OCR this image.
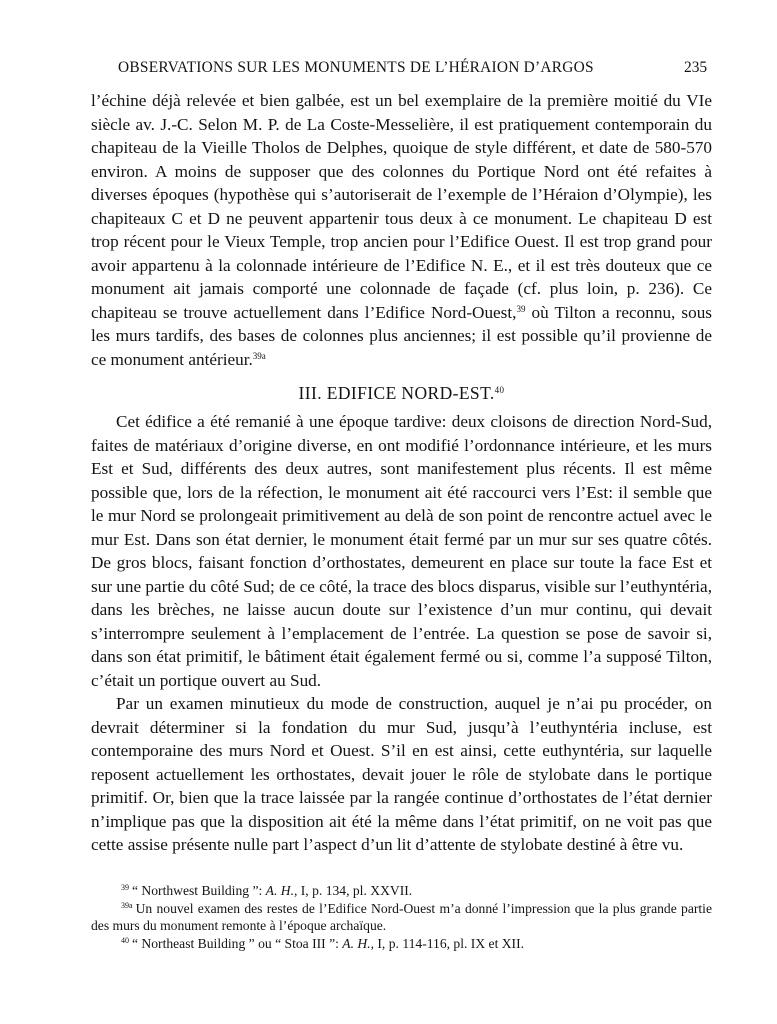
OBSERVATIONS SUR LES MONUMENTS DE L’HÉRAION D’ARGOS	235

l’échine déjà relevée et bien galbée, est un bel exemplaire de la première moitié du VIe siècle av. J.-C. Selon M. P. de La Coste-Messelière, il est pratiquement contemporain du chapiteau de la Vieille Tholos de Delphes, quoique de style différent, et date de 580-570 environ. A moins de supposer que des colonnes du Portique Nord ont été refaites à diverses époques (hypothèse qui s’autoriserait de l’exemple de l’Héraion d’Olympie), les chapiteaux C et D ne peuvent appartenir tous deux à ce monument. Le chapiteau D est trop récent pour le Vieux Temple, trop ancien pour l’Edifice Ouest. Il est trop grand pour avoir appartenu à la colonnade intérieure de l’Edifice N. E., et il est très douteux que ce monument ait jamais comporté une colonnade de façade (cf. plus loin, p. 236). Ce chapiteau se trouve actuellement dans l’Edifice Nord-Ouest,$^{39}$ où Tilton a reconnu, sous les murs tardifs, des bases de colonnes plus anciennes; il est possible qu’il provienne de ce monument antérieur.$^{39a}$

III. EDIFICE NORD-EST.$^{40}$

Cet édifice a été remanié à une époque tardive: deux cloisons de direction Nord-Sud, faites de matériaux d’origine diverse, en ont modifié l’ordonnance intérieure, et les murs Est et Sud, différents des deux autres, sont manifestement plus récents. Il est même possible que, lors de la réfection, le monument ait été raccourci vers l’Est: il semble que le mur Nord se prolongeait primitivement au delà de son point de rencontre actuel avec le mur Est. Dans son état dernier, le monument était fermé par un mur sur ses quatre côtés. De gros blocs, faisant fonction d’orthostates, demeurent en place sur toute la face Est et sur une partie du côté Sud; de ce côté, la trace des blocs disparus, visible sur l’euthyntéria, dans les brèches, ne laisse aucun doute sur l’existence d’un mur continu, qui devait s’interrompre seulement à l’emplacement de l’entrée. La question se pose de savoir si, dans son état primitif, le bâtiment était également fermé ou si, comme l’a supposé Tilton, c’était un portique ouvert au Sud.

Par un examen minutieux du mode de construction, auquel je n’ai pu procéder, on devrait déterminer si la fondation du mur Sud, jusqu’à l’euthyntéria incluse, est contemporaine des murs Nord et Ouest. S’il en est ainsi, cette euthyntéria, sur laquelle reposent actuellement les orthostates, devait jouer le rôle de stylobate dans le portique primitif. Or, bien que la trace laissée par la rangée continue d’orthostates de l’état dernier n’implique pas que la disposition ait été la même dans l’état primitif, on ne voit pas que cette assise présente nulle part l’aspect d’un lit d’attente de stylobate destiné à être vu.

$^{39}$ “ Northwest Building ”: A. H., I, p. 134, pl. XXVII.

$^{39a}$ Un nouvel examen des restes de l’Edifice Nord-Ouest m’a donné l’impression que la plus grande partie des murs du monument remonte à l’époque archaïque.

$^{40}$ “ Northeast Building ” ou “ Stoa III ”: A. H., I, p. 114-116, pl. IX et XII.
